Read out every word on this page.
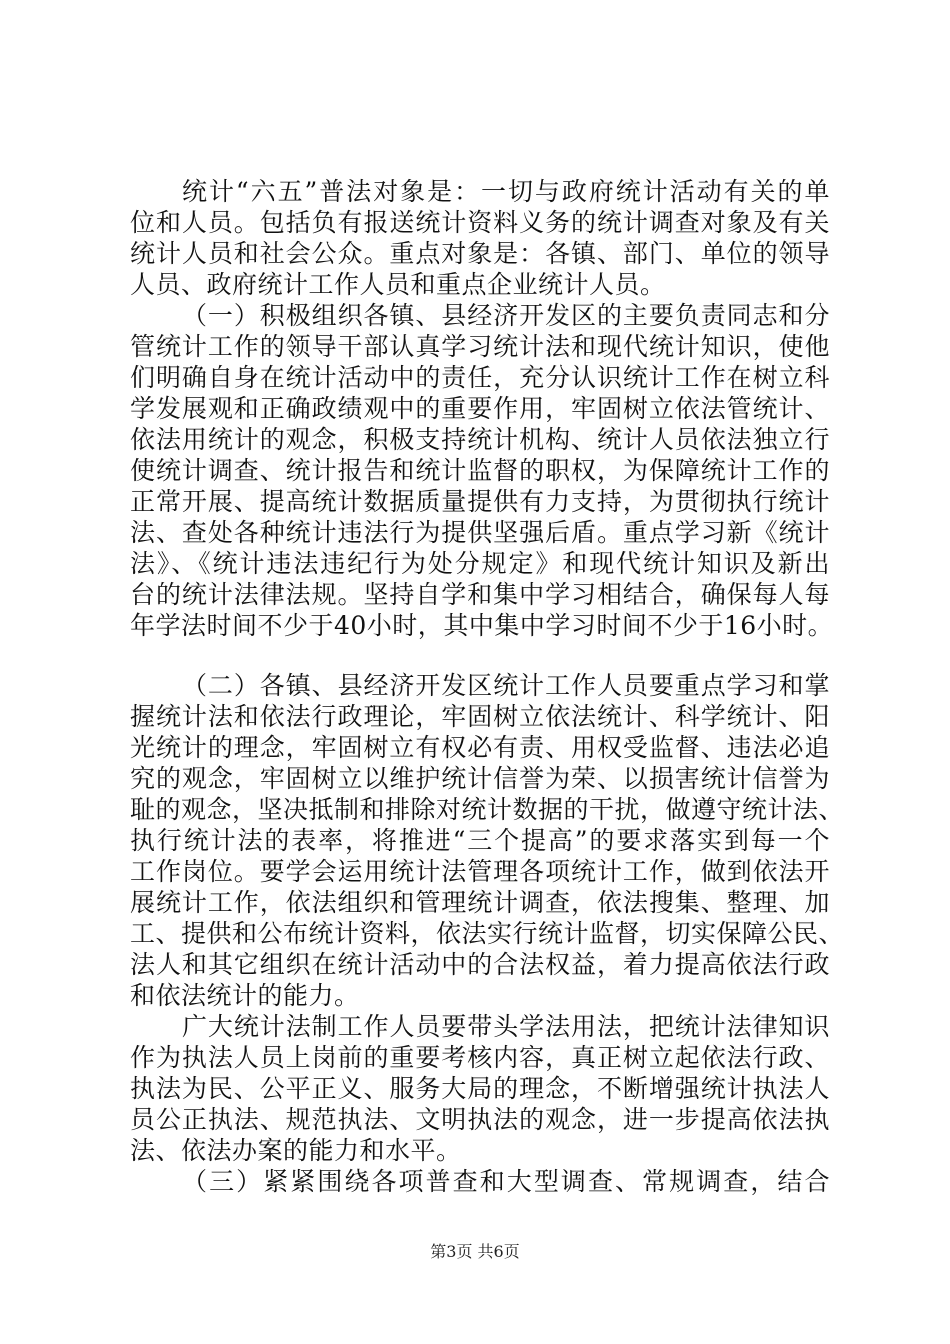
统计“六五”普法对象是：一切与政府统计活动有关的单
位和人员。包括负有报送统计资料义务的统计调查对象及有关
统计人员和社会公众。重点对象是：各镇、部门、单位的领导
人员、政府统计工作人员和重点企业统计人员。
（一）积极组织各镇、县经济开发区的主要负责同志和分
管统计工作的领导干部认真学习统计法和现代统计知识，使他
们明确自身在统计活动中的责任，充分认识统计工作在树立科
学发展观和正确政绩观中的重要作用，牢固树立依法管统计、
依法用统计的观念，积极支持统计机构、统计人员依法独立行
使统计调查、统计报告和统计监督的职权，为保障统计工作的
正常开展、提高统计数据质量提供有力支持，为贯彻执行统计
法、查处各种统计违法行为提供坚强后盾。重点学习新《统计
法》、《统计违法违纪行为处分规定》和现代统计知识及新出
台的统计法律法规。坚持自学和集中学习相结合，确保每人每
年学法时间不少于40小时，其中集中学习时间不少于16小时。
（二）各镇、县经济开发区统计工作人员要重点学习和掌
握统计法和依法行政理论，牢固树立依法统计、科学统计、阳
光统计的理念，牢固树立有权必有责、用权受监督、违法必追
究的观念，牢固树立以维护统计信誉为荣、以损害统计信誉为
耻的观念，坚决抵制和排除对统计数据的干扰，做遵守统计法、
执行统计法的表率，将推进“三个提高”的要求落实到每一个
工作岗位。要学会运用统计法管理各项统计工作，做到依法开
展统计工作，依法组织和管理统计调查，依法搜集、整理、加
工、提供和公布统计资料，依法实行统计监督，切实保障公民、
法人和其它组织在统计活动中的合法权益，着力提高依法行政
和依法统计的能力。
广大统计法制工作人员要带头学法用法，把统计法律知识
作为执法人员上岗前的重要考核内容，真正树立起依法行政、
执法为民、公平正义、服务大局的理念，不断增强统计执法人
员公正执法、规范执法、文明执法的观念，进一步提高依法执
法、依法办案的能力和水平。
（三）紧紧围绕各项普查和大型调查、常规调查，结合
第3页 共6页
